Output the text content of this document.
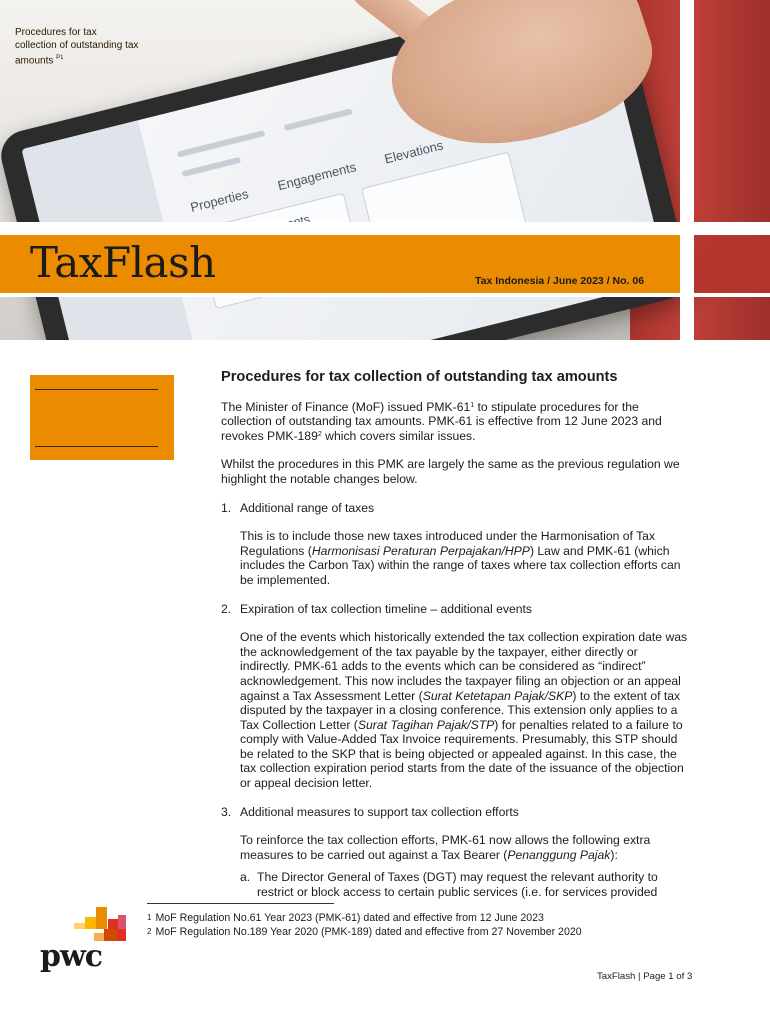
Properties
Engagements
Elevations
TaxFlash	Tax Indonesia / June 2023 / No. 06
Procedures for tax collection of outstanding tax amounts $^{P1}$
Procedures for tax collection of outstanding tax amounts
The Minister of Finance (MoF) issued PMK-61$^1$ to stipulate procedures for the collection of outstanding tax amounts. PMK-61 is effective from 12 June 2023 and revokes PMK-189$^2$ which covers similar issues.
Whilst the procedures in this PMK are largely the same as the previous regulation we highlight the notable changes below.
1. Additional range of taxes
This is to include those new taxes introduced under the Harmonisation of Tax Regulations (Harmonisasi Peraturan Perpajakan/HPP) Law and PMK-61 (which includes the Carbon Tax) within the range of taxes where tax collection efforts can be implemented.
2. Expiration of tax collection timeline – additional events
One of the events which historically extended the tax collection expiration date was the acknowledgement of the tax payable by the taxpayer, either directly or indirectly. PMK-61 adds to the events which can be considered as “indirect” acknowledgement. This now includes the taxpayer filing an objection or an appeal against a Tax Assessment Letter (Surat Ketetapan Pajak/SKP) to the extent of tax disputed by the taxpayer in a closing conference. This extension only applies to a Tax Collection Letter (Surat Tagihan Pajak/STP) for penalties related to a failure to comply with Value-Added Tax Invoice requirements. Presumably, this STP should be related to the SKP that is being objected or appealed against. In this case, the tax collection expiration period starts from the date of the issuance of the objection or appeal decision letter.
3. Additional measures to support tax collection efforts
To reinforce the tax collection efforts, PMK-61 now allows the following extra measures to be carried out against a Tax Bearer (Penanggung Pajak):
a. The Director General of Taxes (DGT) may request the relevant authority to restrict or block access to certain public services (i.e. for services provided
$^1$ MoF Regulation No.61 Year 2023 (PMK-61) dated and effective from 12 June 2023
$^2$ MoF Regulation No.189 Year 2020 (PMK-189) dated and effective from 27 November 2020
pwc
TaxFlash | Page 1 of 3
